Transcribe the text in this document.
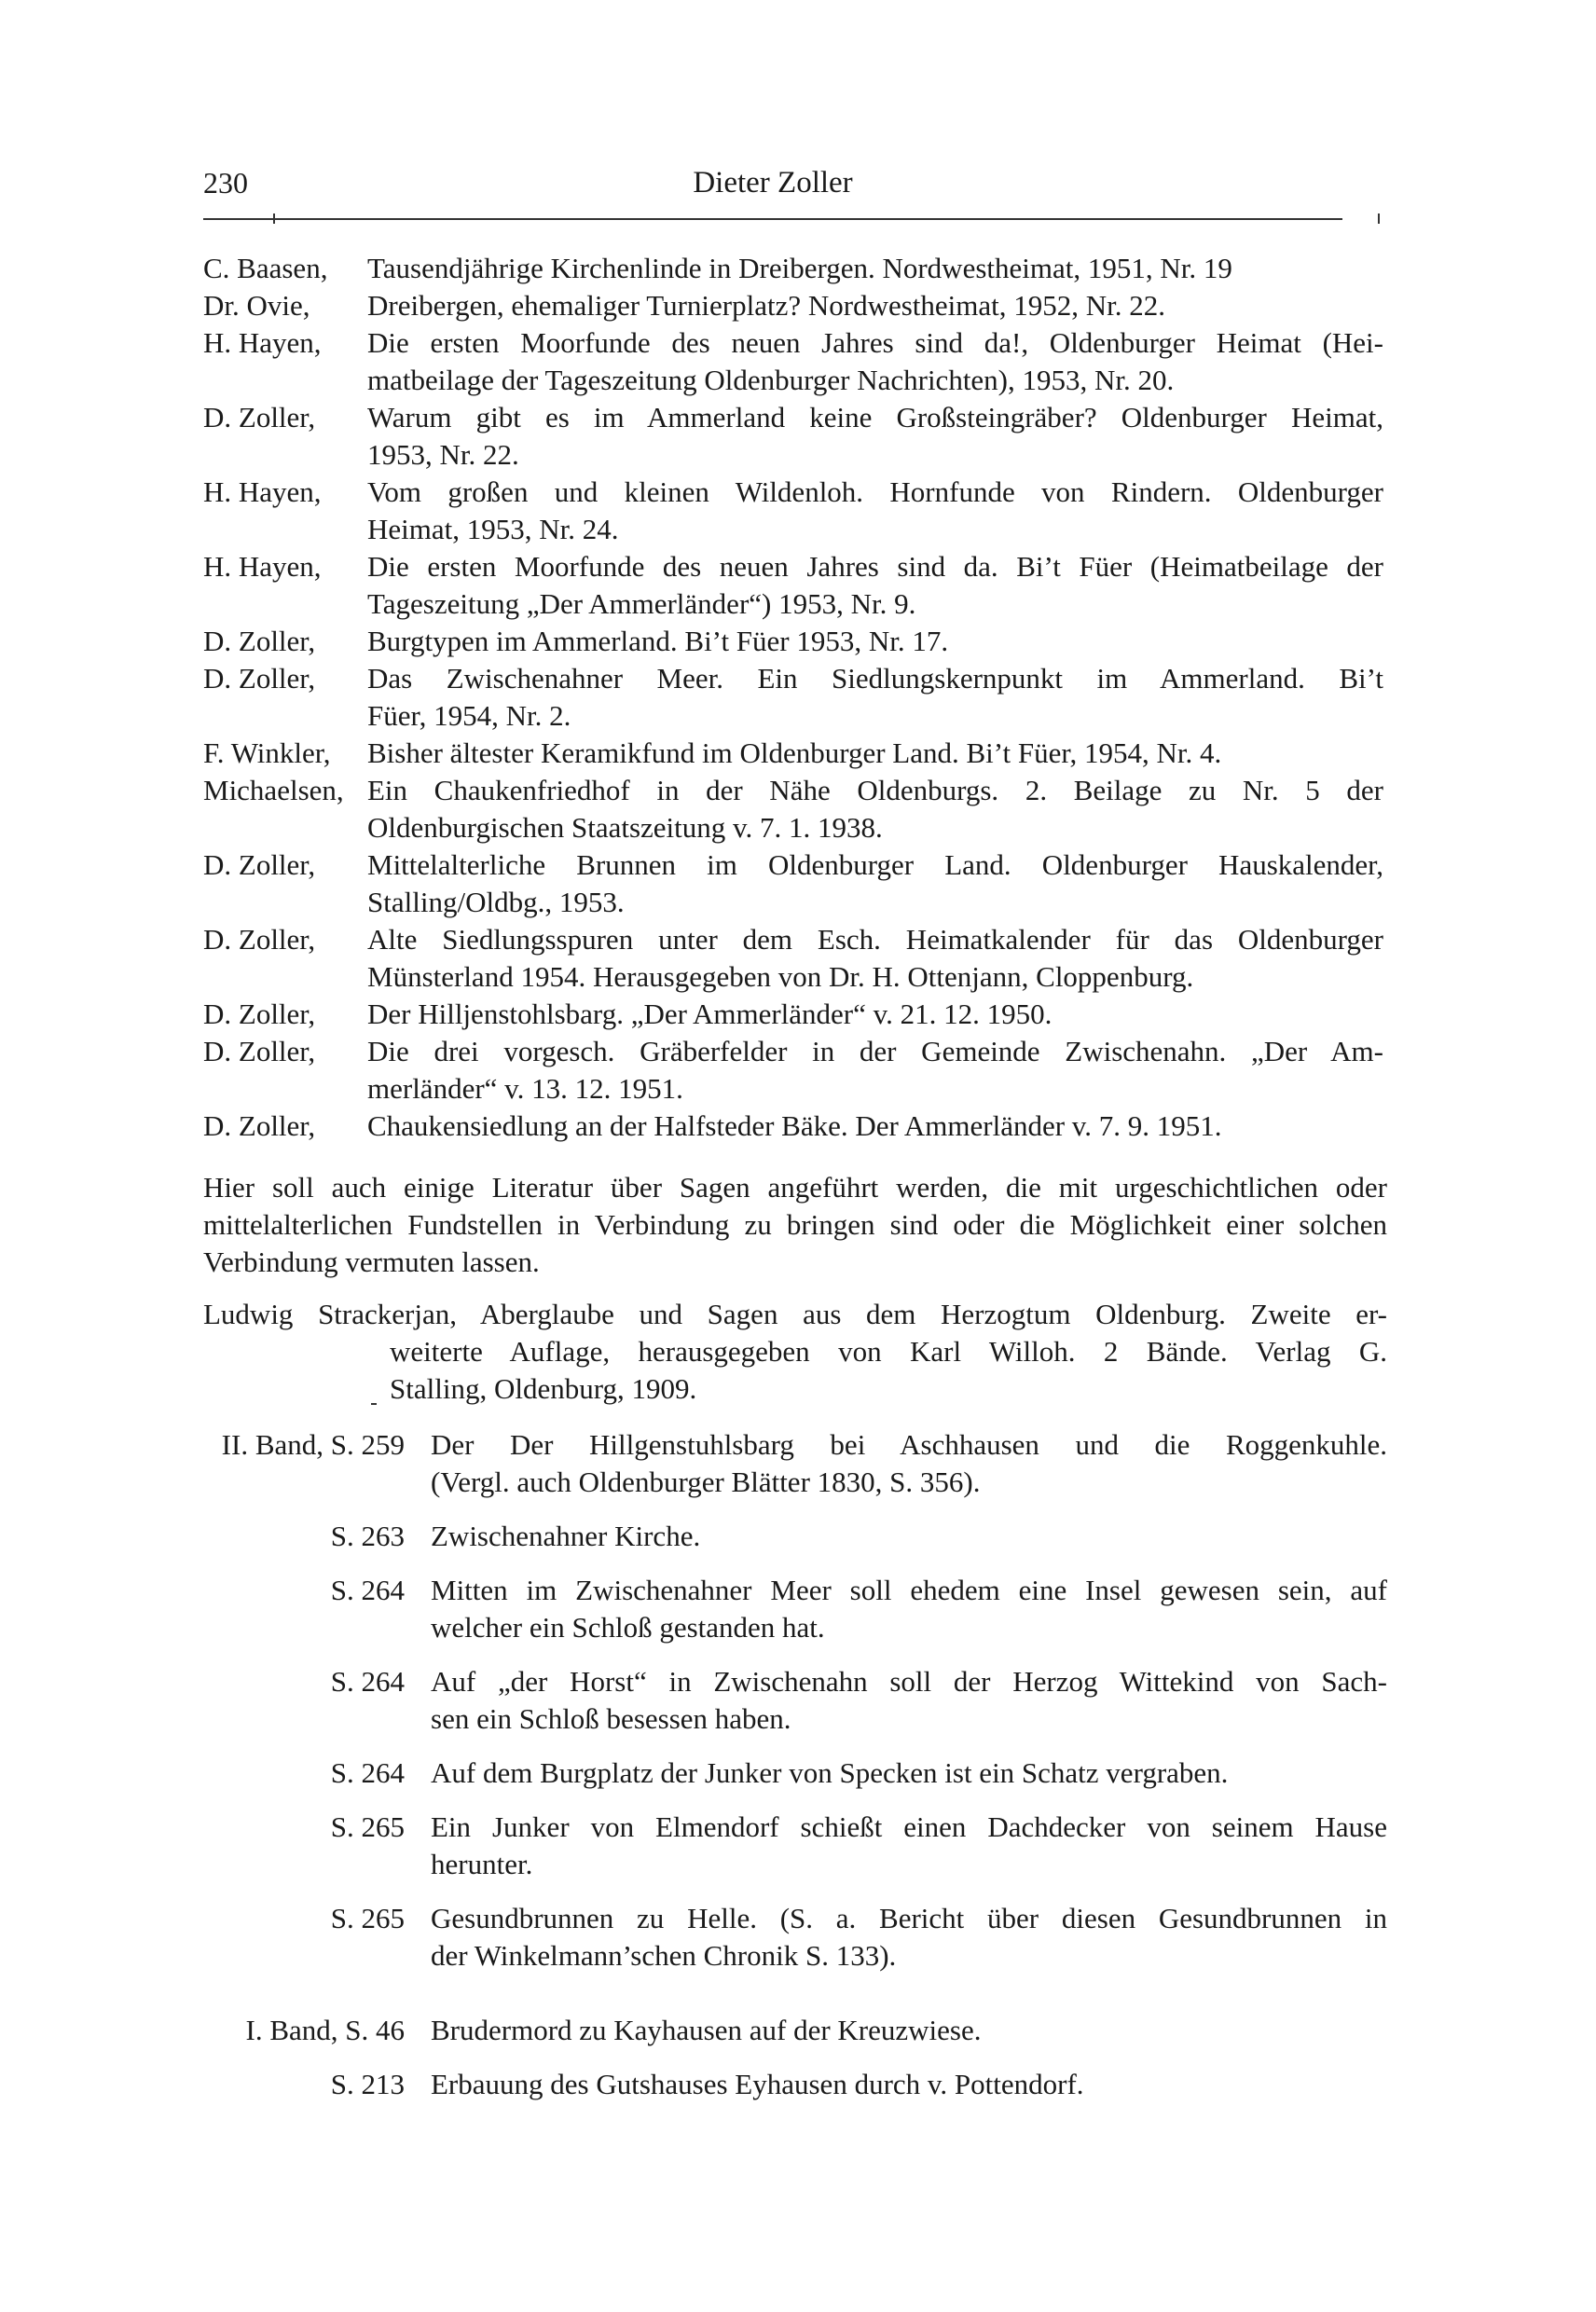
230	Dieter Zoller
C. Baasen,	Tausendjährige Kirchenlinde in Dreibergen. Nordwestheimat, 1951, Nr. 19
Dr. Ovie,	Dreibergen, ehemaliger Turnierplatz? Nordwestheimat, 1952, Nr. 22.
H. Hayen,	Die ersten Moorfunde des neuen Jahres sind da!, Oldenburger Heimat (Hei-
matbeilage der Tageszeitung Oldenburger Nachrichten), 1953, Nr. 20.
D. Zoller,	Warum gibt es im Ammerland keine Großsteingräber? Oldenburger Heimat,
1953, Nr. 22.
H. Hayen,	Vom großen und kleinen Wildenloh. Hornfunde von Rindern. Oldenburger
Heimat, 1953, Nr. 24.
H. Hayen,	Die ersten Moorfunde des neuen Jahres sind da. Bi’t Füer (Heimatbeilage der
Tageszeitung „Der Ammerländer“) 1953, Nr. 9.
D. Zoller,	Burgtypen im Ammerland. Bi’t Füer 1953, Nr. 17.
D. Zoller,	Das Zwischenahner Meer. Ein Siedlungskernpunkt im Ammerland. Bi’t
Füer, 1954, Nr. 2.
F. Winkler,	Bisher ältester Keramikfund im Oldenburger Land. Bi’t Füer, 1954, Nr. 4.
Michaelsen, Ein Chaukenfriedhof in der Nähe Oldenburgs. 2. Beilage zu Nr. 5 der
Oldenburgischen Staatszeitung v. 7. 1. 1938.
D. Zoller,	Mittelalterliche Brunnen im Oldenburger Land. Oldenburger Hauskalender,
Stalling/Oldbg., 1953.
D. Zoller,	Alte Siedlungsspuren unter dem Esch. Heimatkalender für das Oldenburger
Münsterland 1954. Herausgegeben von Dr. H. Ottenjann, Cloppenburg.
D. Zoller,	Der Hilljenstohlsbarg. „Der Ammerländer“ v. 21. 12. 1950.
D. Zoller,	Die drei vorgesch. Gräberfelder in der Gemeinde Zwischenahn. „Der Am-
merländer“ v. 13. 12. 1951.
D. Zoller,	Chaukensiedlung an der Halfsteder Bäke. Der Ammerländer v. 7. 9. 1951.
Hier soll auch einige Literatur über Sagen angeführt werden, die mit urgeschichtlichen oder mittelalterlichen Fundstellen in Verbindung zu bringen sind oder die Möglichkeit einer solchen Verbindung vermuten lassen.
Ludwig Strackerjan, Aberglaube und Sagen aus dem Herzogtum Oldenburg. Zweite er-
weiterte Auflage, herausgegeben von Karl Willoh. 2 Bände. Verlag G.
Stalling, Oldenburg, 1909.
II. Band, S. 259 Der Der Hillgenstuhlsbarg bei Aschhausen und die Roggenkuhle.
(Vergl. auch Oldenburger Blätter 1830, S. 356).
S. 263 Zwischenahner Kirche.
S. 264 Mitten im Zwischenahner Meer soll ehedem eine Insel gewesen sein, auf
welcher ein Schloß gestanden hat.
S. 264 Auf „der Horst“ in Zwischenahn soll der Herzog Wittekind von Sach-
sen ein Schloß besessen haben.
S. 264 Auf dem Burgplatz der Junker von Specken ist ein Schatz vergraben.
S. 265 Ein Junker von Elmendorf schießt einen Dachdecker von seinem Hause
herunter.
S. 265 Gesundbrunnen zu Helle. (S. a. Bericht über diesen Gesundbrunnen in
der Winkelmann’schen Chronik S. 133).
I. Band, S. 46 Brudermord zu Kayhausen auf der Kreuzwiese.
S. 213 Erbauung des Gutshauses Eyhausen durch v. Pottendorf.
